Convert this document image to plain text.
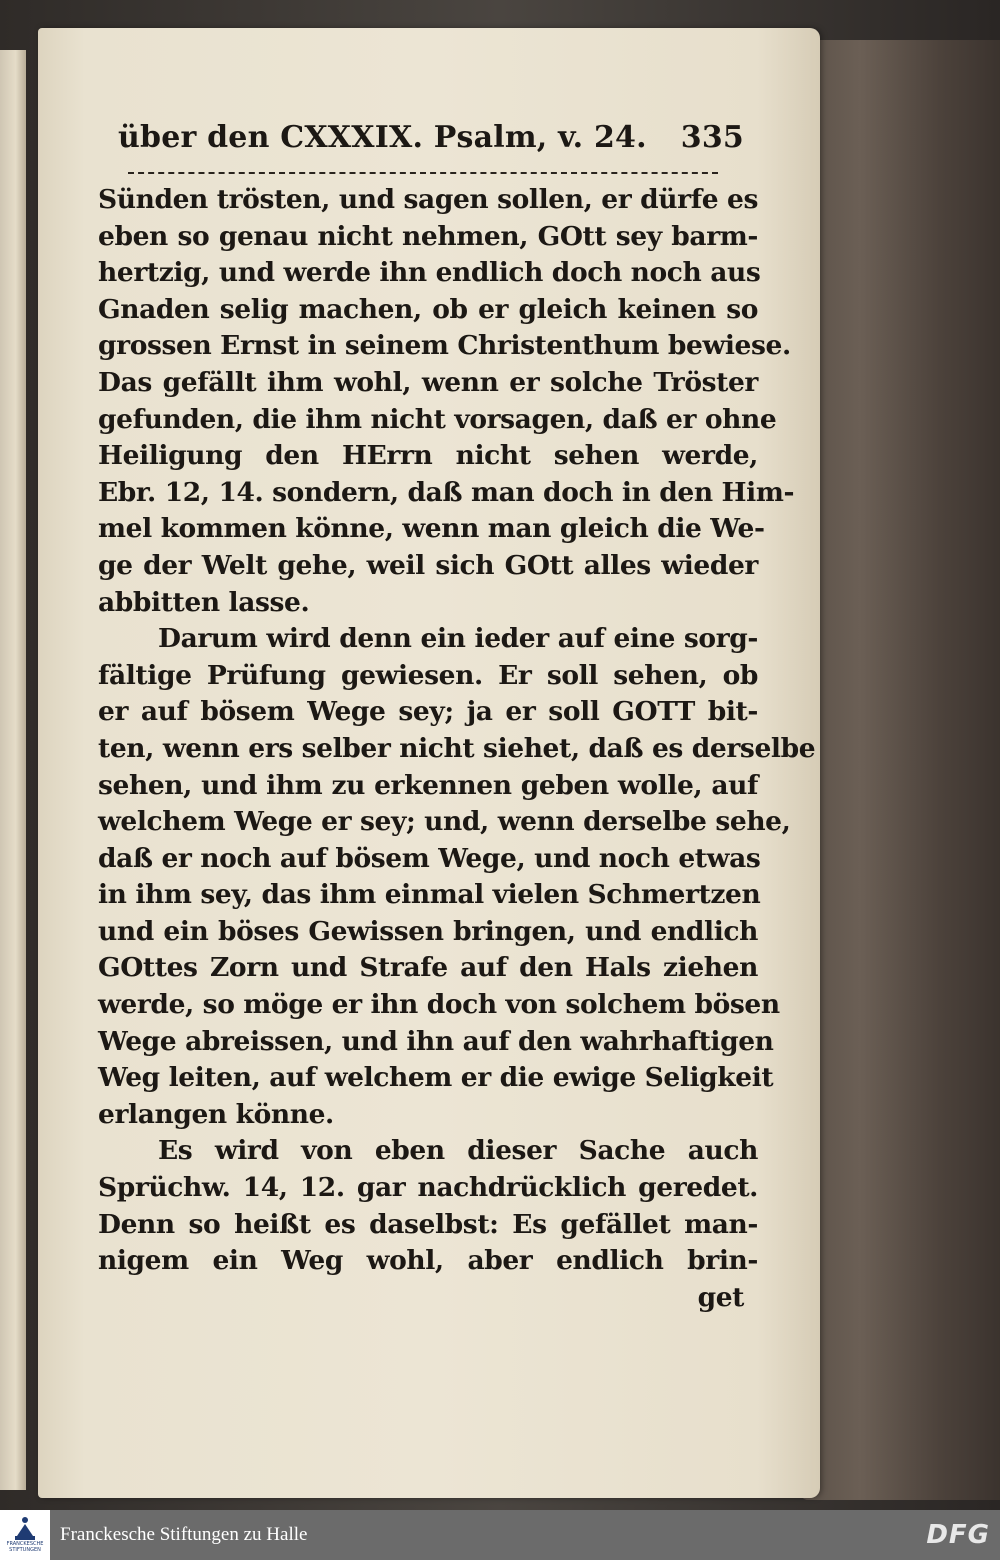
über den CXXXIX. Psalm, v. 24. 335
Sünden trösten, und sagen sollen, er dürfe es
eben so genau nicht nehmen, GOtt sey barm-
hertzig, und werde ihn endlich doch noch aus
Gnaden selig machen, ob er gleich keinen so
grossen Ernst in seinem Christenthum bewiese.
Das gefällt ihm wohl, wenn er solche Tröster
gefunden, die ihm nicht vorsagen, daß er ohne
Heiligung den HErrn nicht sehen werde,
Ebr. 12, 14. sondern, daß man doch in den Him-
mel kommen könne, wenn man gleich die We-
ge der Welt gehe, weil sich GOtt alles wieder
abbitten lasse.
Darum wird denn ein ieder auf eine sorg-
fältige Prüfung gewiesen. Er soll sehen, ob
er auf bösem Wege sey; ja er soll GOTT bit-
ten, wenn ers selber nicht siehet, daß es derselbe
sehen, und ihm zu erkennen geben wolle, auf
welchem Wege er sey; und, wenn derselbe sehe,
daß er noch auf bösem Wege, und noch etwas
in ihm sey, das ihm einmal vielen Schmertzen
und ein böses Gewissen bringen, und endlich
GOttes Zorn und Strafe auf den Hals ziehen
werde, so möge er ihn doch von solchem bösen
Wege abreissen, und ihn auf den wahrhaftigen
Weg leiten, auf welchem er die ewige Seligkeit
erlangen könne.
Es wird von eben dieser Sache auch
Sprüchw. 14, 12. gar nachdrücklich geredet.
Denn so heißt es daselbst: Es gefället man-
nigem ein Weg wohl, aber endlich brin-
get
FRANCKESCHE STIFTUNGEN
Franckesche Stiftungen zu Halle	DFG
